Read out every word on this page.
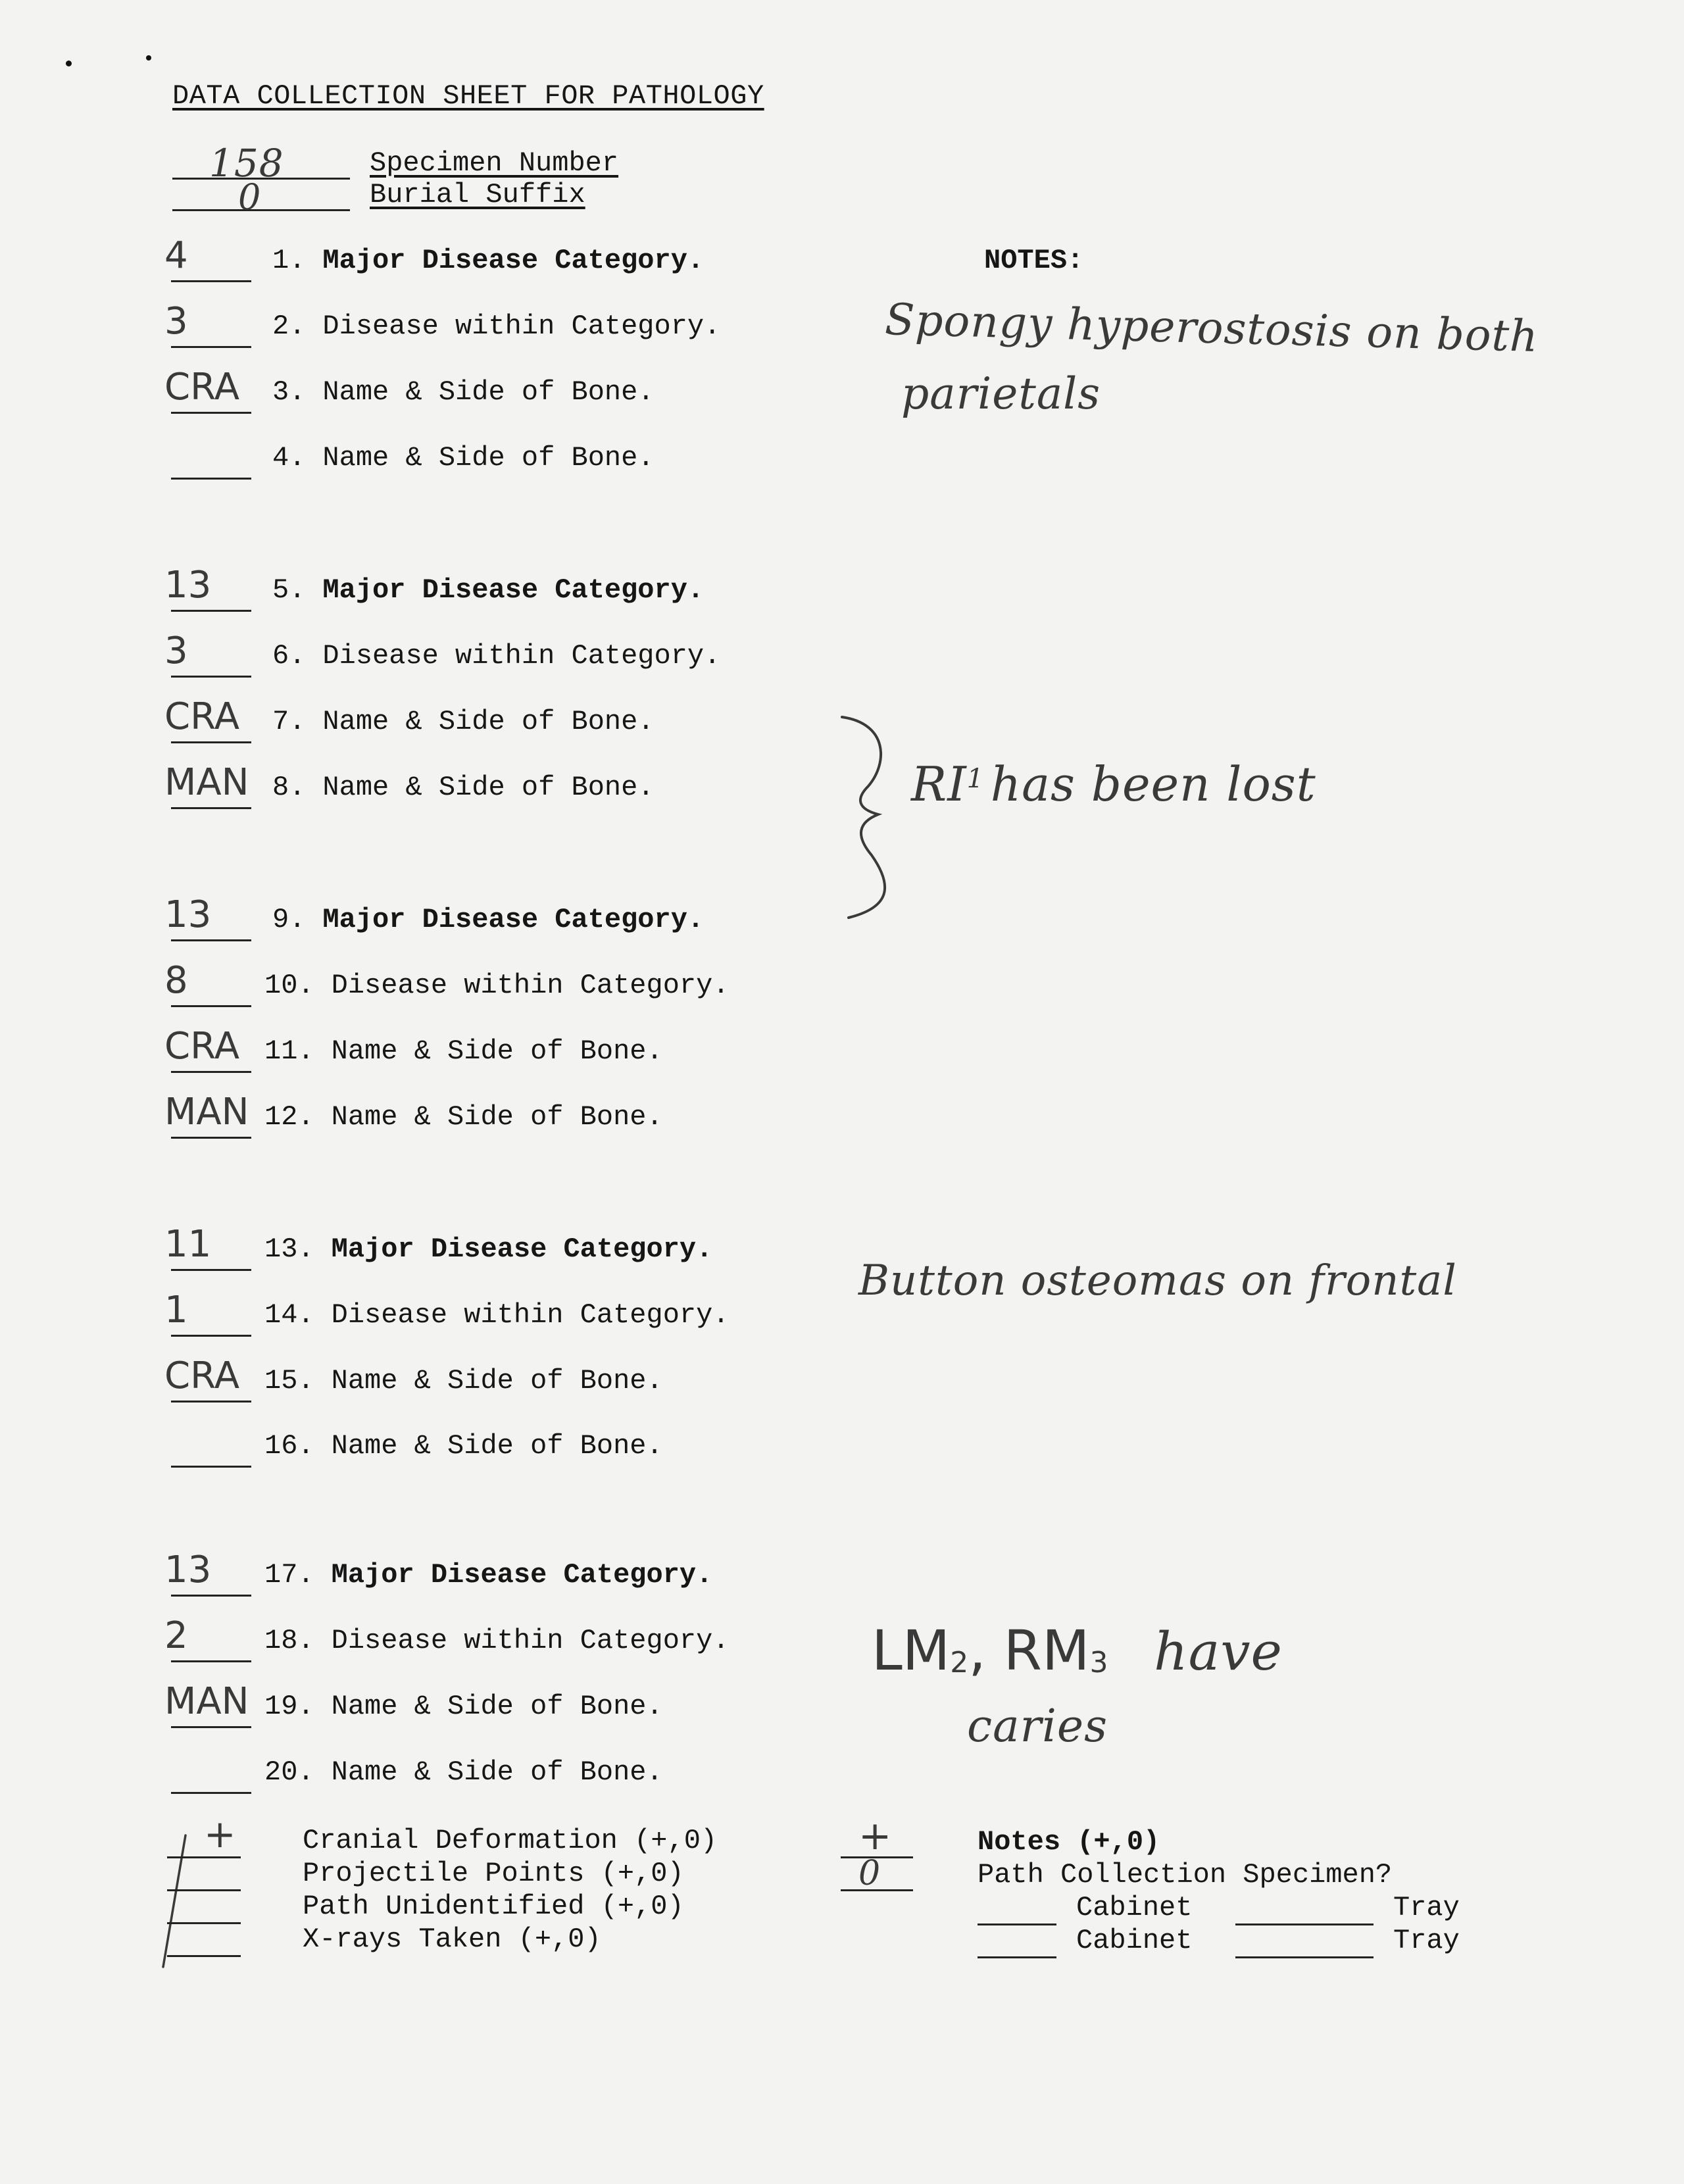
DATA COLLECTION SHEET FOR PATHOLOGY
158	Specimen Number
0	Burial Suffix
NOTES:
4	1. Major Disease Category.
3	2. Disease within Category.
CRA 3. Name & Side of Bone.
4. Name & Side of Bone.
13 5. Major Disease Category.
3	6. Disease within Category.
CRA 7. Name & Side of Bone.
MAN 8. Name & Side of Bone.
13 9. Major Disease Category.
8	10. Disease within Category.
CRA 11. Name & Side of Bone.
MAN 12. Name & Side of Bone.
11 13. Major Disease Category.
1	14. Disease within Category.
CRA 15. Name & Side of Bone.
16. Name & Side of Bone.
13 17. Major Disease Category.
2	18. Disease within Category.
MAN 19. Name & Side of Bone.
20. Name & Side of Bone.
Spongy hyperostosis on both
parietals
$RI^1$ has been lost
Button osteomas on frontal
$LM_2$, $RM_3$ have
caries
+ Cranial Deformation (+,0)
Projectile Points (+,0)
Path Unidentified (+,0)
X-rays Taken (+,0)
+	Notes (+,0)
0	Path Collection Specimen?
Cabinet	Tray
Cabinet	Tray
